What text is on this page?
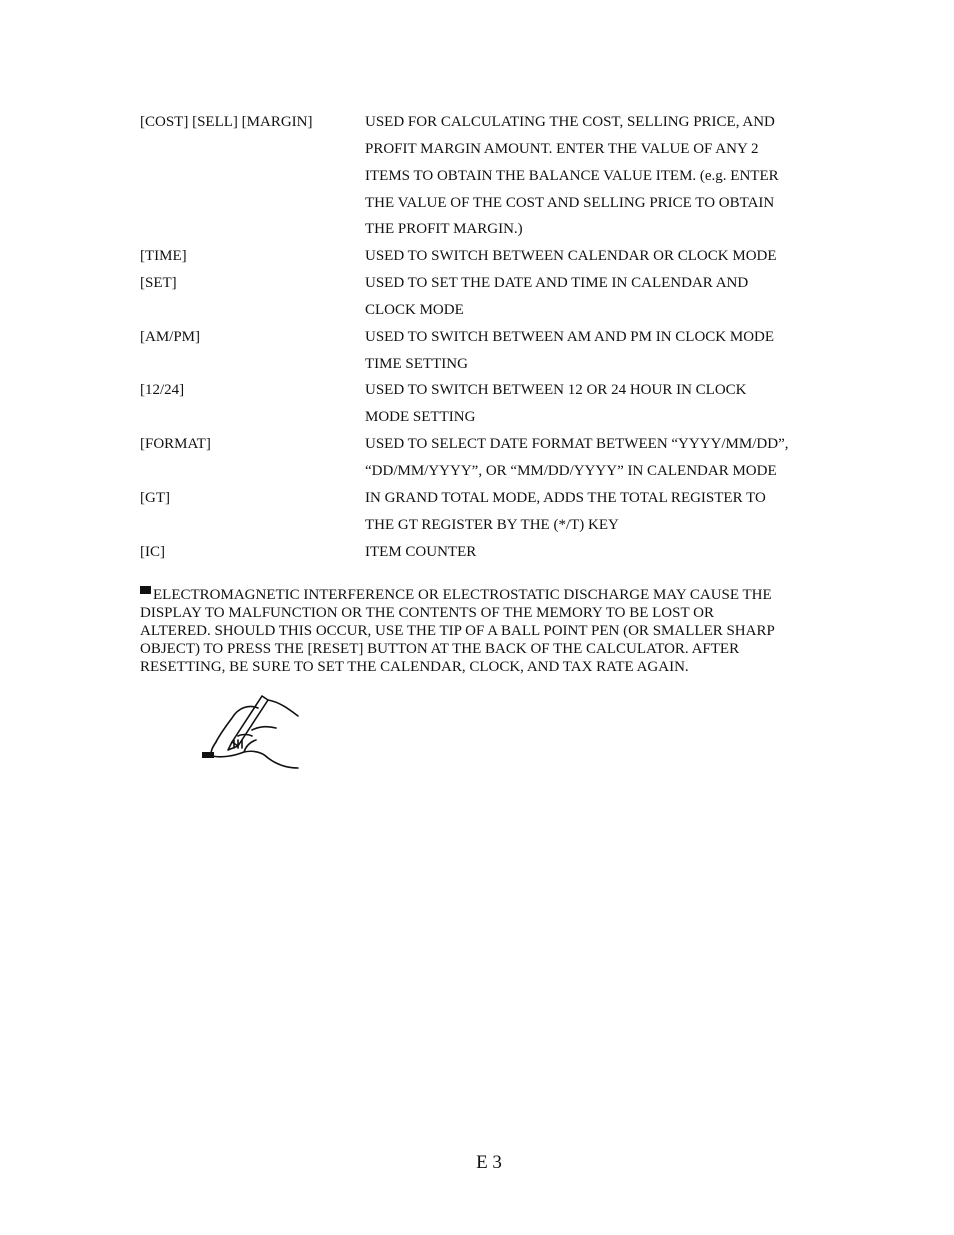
[COST] [SELL] [MARGIN]	USED FOR CALCULATING THE COST, SELLING PRICE, AND
PROFIT MARGIN AMOUNT. ENTER THE VALUE OF ANY 2
ITEMS TO OBTAIN THE BALANCE VALUE ITEM. (e.g. ENTER
THE VALUE OF THE COST AND SELLING PRICE TO OBTAIN
THE PROFIT MARGIN.)
[TIME]	USED TO SWITCH BETWEEN CALENDAR OR CLOCK MODE
[SET]	USED TO SET THE DATE AND TIME IN CALENDAR AND
CLOCK MODE
[AM/PM]	USED TO SWITCH BETWEEN AM AND PM IN CLOCK MODE
TIME SETTING
[12/24]	USED TO SWITCH BETWEEN 12 OR 24 HOUR IN CLOCK
MODE SETTING
[FORMAT]	USED TO SELECT DATE FORMAT BETWEEN “YYYY/MM/DD”,
“DD/MM/YYYY”, OR “MM/DD/YYYY” IN CALENDAR MODE
[GT]	IN GRAND TOTAL MODE, ADDS THE TOTAL REGISTER TO
THE GT REGISTER BY THE (*/T) KEY
[IC]	ITEM COUNTER
ELECTROMAGNETIC INTERFERENCE OR ELECTROSTATIC DISCHARGE MAY CAUSE THE
DISPLAY TO MALFUNCTION OR THE CONTENTS OF THE MEMORY TO BE LOST OR
ALTERED. SHOULD THIS OCCUR, USE THE TIP OF A BALL POINT PEN (OR SMALLER SHARP
OBJECT) TO PRESS THE [RESET] BUTTON AT THE BACK OF THE CALCULATOR. AFTER
RESETTING, BE SURE TO SET THE CALENDAR, CLOCK, AND TAX RATE AGAIN.
E 3
